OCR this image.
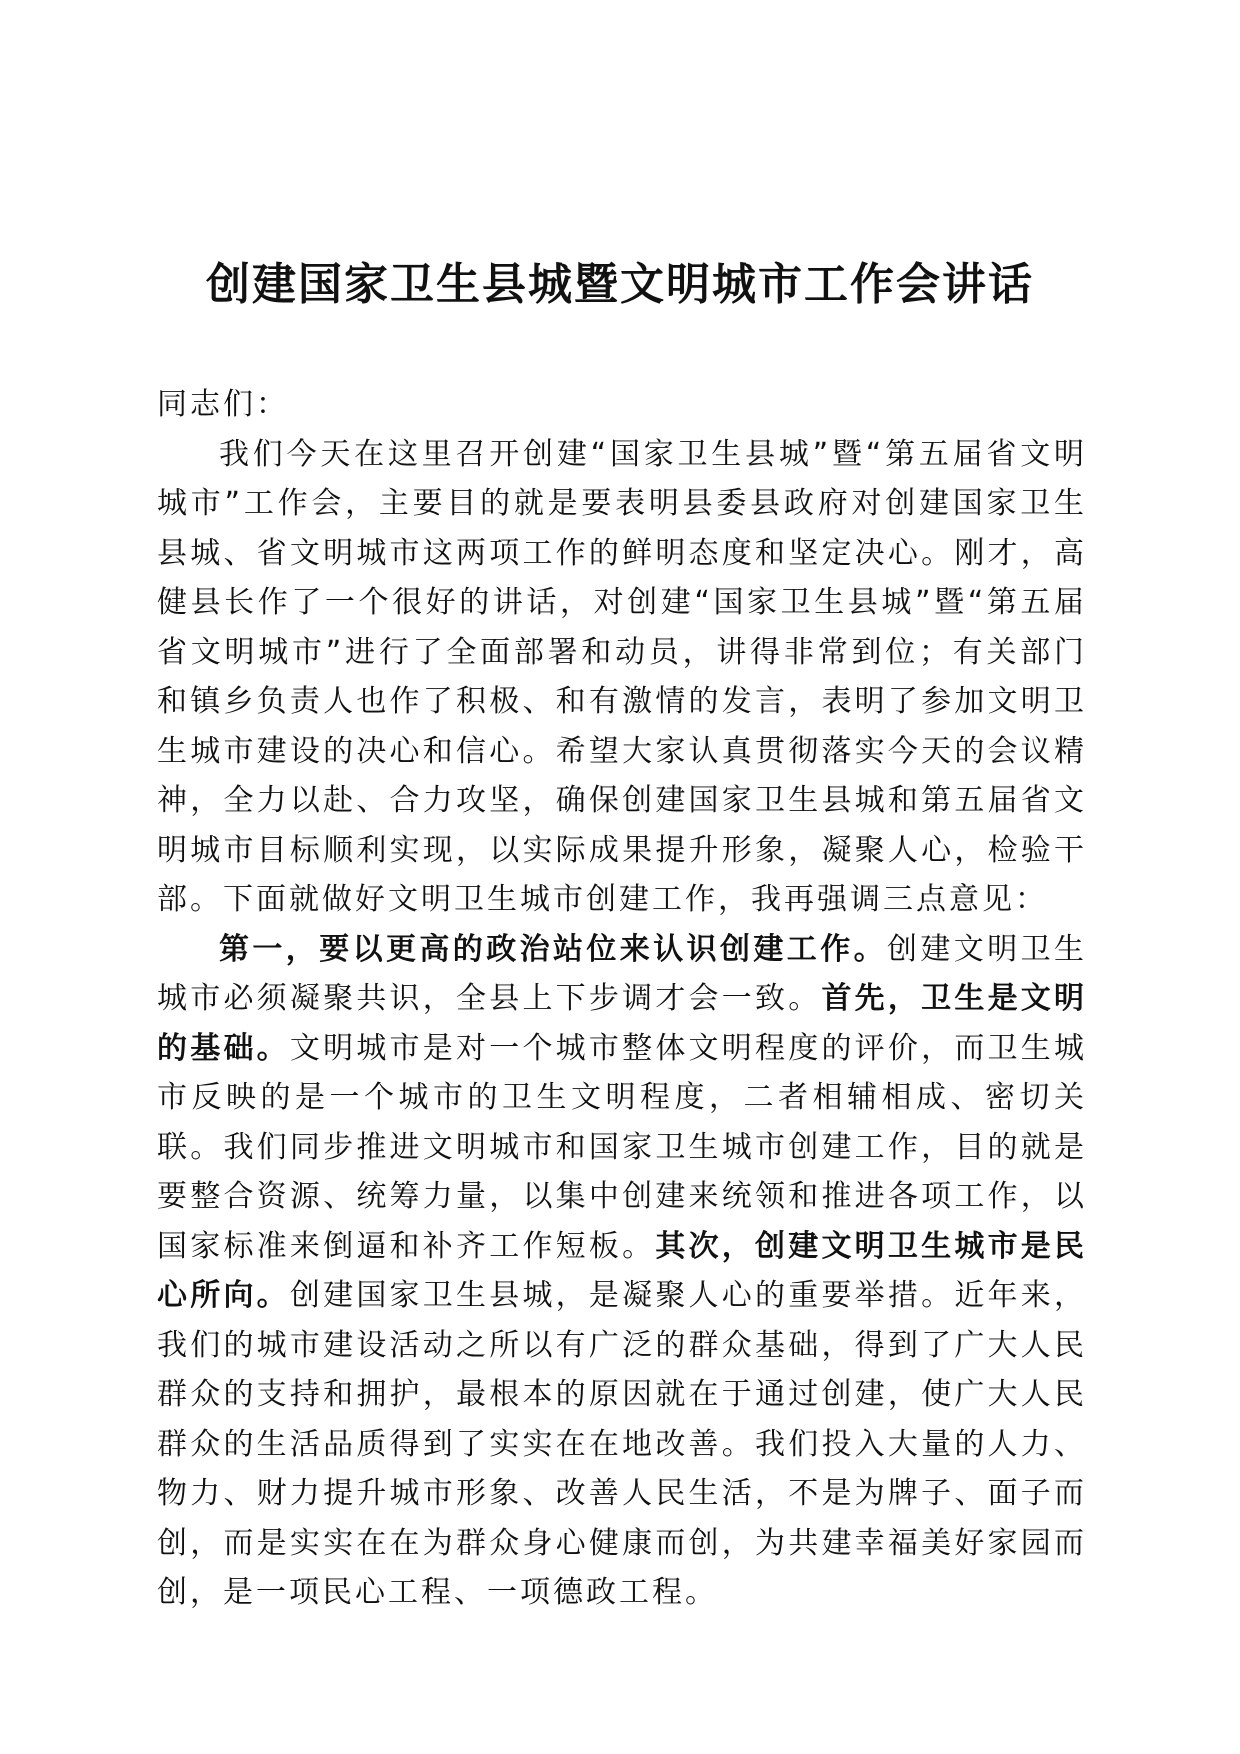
创建国家卫生县城暨文明城市工作会讲话

同志们：

我们今天在这里召开创建“国家卫生县城”暨“第五届省文明城市”工作会，主要目的就是要表明县委县政府对创建国家卫生县城、省文明城市这两项工作的鲜明态度和坚定决心。刚才，高健县长作了一个很好的讲话，对创建“国家卫生县城”暨“第五届省文明城市”进行了全面部署和动员，讲得非常到位；有关部门和镇乡负责人也作了积极、和有激情的发言，表明了参加文明卫生城市建设的决心和信心。希望大家认真贯彻落实今天的会议精神，全力以赴、合力攻坚，确保创建国家卫生县城和第五届省文明城市目标顺利实现，以实际成果提升形象，凝聚人心，检验干部。下面就做好文明卫生城市创建工作，我再强调三点意见：

第一，要以更高的政治站位来认识创建工作。创建文明卫生城市必须凝聚共识，全县上下步调才会一致。首先，卫生是文明的基础。文明城市是对一个城市整体文明程度的评价，而卫生城市反映的是一个城市的卫生文明程度，二者相辅相成、密切关联。我们同步推进文明城市和国家卫生城市创建工作，目的就是要整合资源、统筹力量，以集中创建来统领和推进各项工作，以国家标准来倒逼和补齐工作短板。其次，创建文明卫生城市是民心所向。创建国家卫生县城，是凝聚人心的重要举措。近年来，我们的城市建设活动之所以有广泛的群众基础，得到了广大人民群众的支持和拥护，最根本的原因就在于通过创建，使广大人民群众的生活品质得到了实实在在地改善。我们投入大量的人力、物力、财力提升城市形象、改善人民生活，不是为牌子、面子而创，而是实实在在为群众身心健康而创，为共建幸福美好家园而创，是一项民心工程、一项德政工程。
